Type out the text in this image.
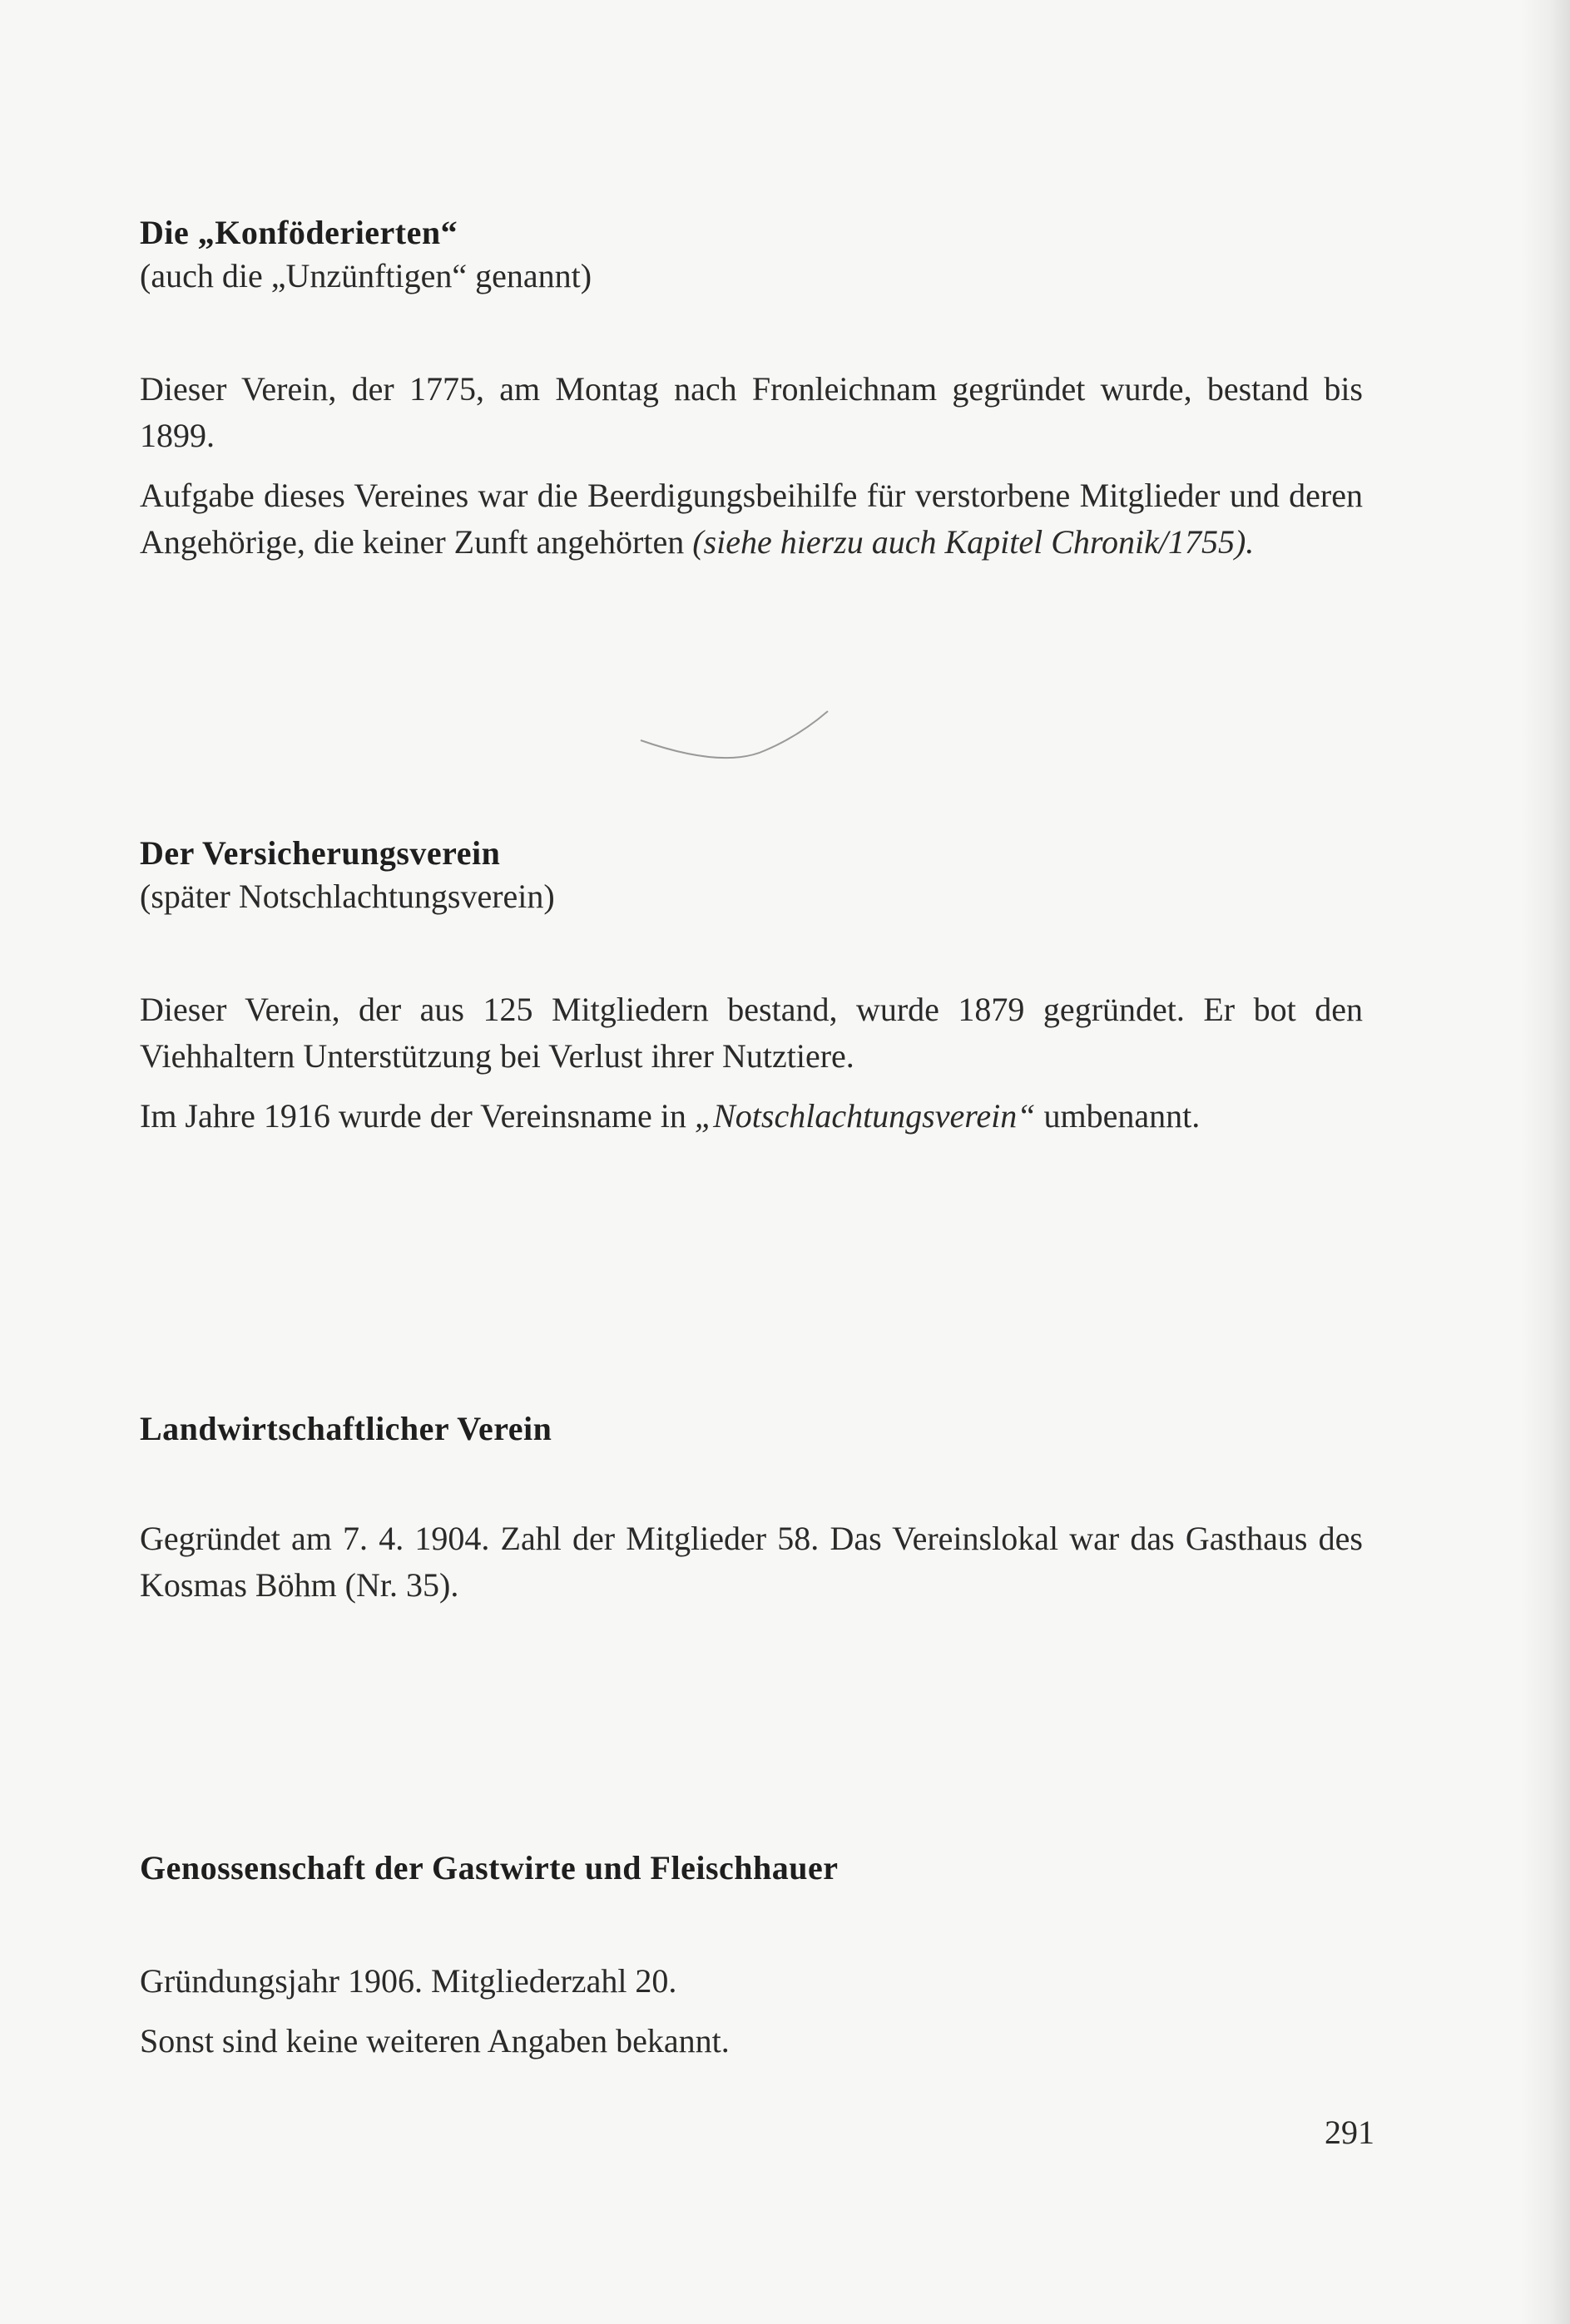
Die „Konföderierten“

(auch die „Unzünftigen“ genannt)

Dieser Verein, der 1775, am Montag nach Fronleichnam gegründet wurde, bestand bis 1899.

Aufgabe dieses Vereines war die Beerdigungsbeihilfe für verstorbene Mitglieder und deren Angehörige, die keiner Zunft angehörten (siehe hierzu auch Kapitel Chronik/1755).

Der Versicherungsverein

(später Notschlachtungsverein)

Dieser Verein, der aus 125 Mitgliedern bestand, wurde 1879 gegründet. Er bot den Viehhaltern Unterstützung bei Verlust ihrer Nutztiere.

Im Jahre 1916 wurde der Vereinsname in „Notschlachtungsverein“ umbenannt.

Landwirtschaftlicher Verein

Gegründet am 7. 4. 1904. Zahl der Mitglieder 58. Das Vereinslokal war das Gasthaus des Kosmas Böhm (Nr. 35).

Genossenschaft der Gastwirte und Fleischhauer

Gründungsjahr 1906. Mitgliederzahl 20.

Sonst sind keine weiteren Angaben bekannt.

291
